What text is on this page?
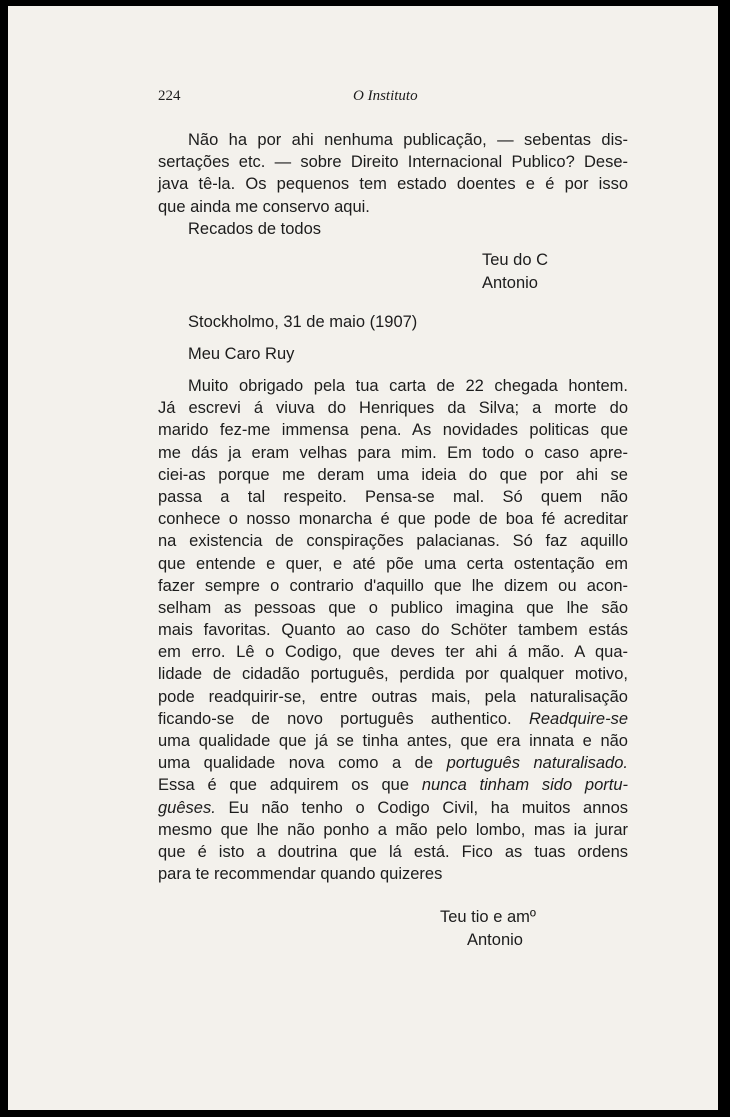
224	O Instituto
Não ha por ahi nenhuma publicação, — sebentas dis-
sertações etc. — sobre Direito Internacional Publico? Dese-
java tê-la. Os pequenos tem estado doentes e é por isso
que ainda me conservo aqui.
Recados de todos
Teu do C
Antonio
Stockholmo, 31 de maio (1907)
Meu Caro Ruy
Muito obrigado pela tua carta de 22 chegada hontem.
Já escrevi á viuva do Henriques da Silva; a morte do
marido fez-me immensa pena. As novidades politicas que
me dás ja eram velhas para mim. Em todo o caso apre-
ciei-as porque me deram uma ideia do que por ahi se
passa a tal respeito. Pensa-se mal. Só quem não
conhece o nosso monarcha é que pode de boa fé acreditar
na existencia de conspirações palacianas. Só faz aquillo
que entende e quer, e até põe uma certa ostentação em
fazer sempre o contrario d'aquillo que lhe dizem ou acon-
selham as pessoas que o publico imagina que lhe são
mais favoritas. Quanto ao caso do Schöter tambem estás
em erro. Lê o Codigo, que deves ter ahi á mão. A qua-
lidade de cidadão português, perdida por qualquer motivo,
pode readquirir-se, entre outras mais, pela naturalisação
ficando-se de novo português authentico. Readquire-se
uma qualidade que já se tinha antes, que era innata e não
uma qualidade nova como a de português naturalisado.
Essa é que adquirem os que nunca tinham sido portu-
guêses. Eu não tenho o Codigo Civil, ha muitos annos
mesmo que lhe não ponho a mão pelo lombo, mas ia jurar
que é isto a doutrina que lá está. Fico as tuas ordens
para te recommendar quando quizeres
Teu tio e amº
Antonio
